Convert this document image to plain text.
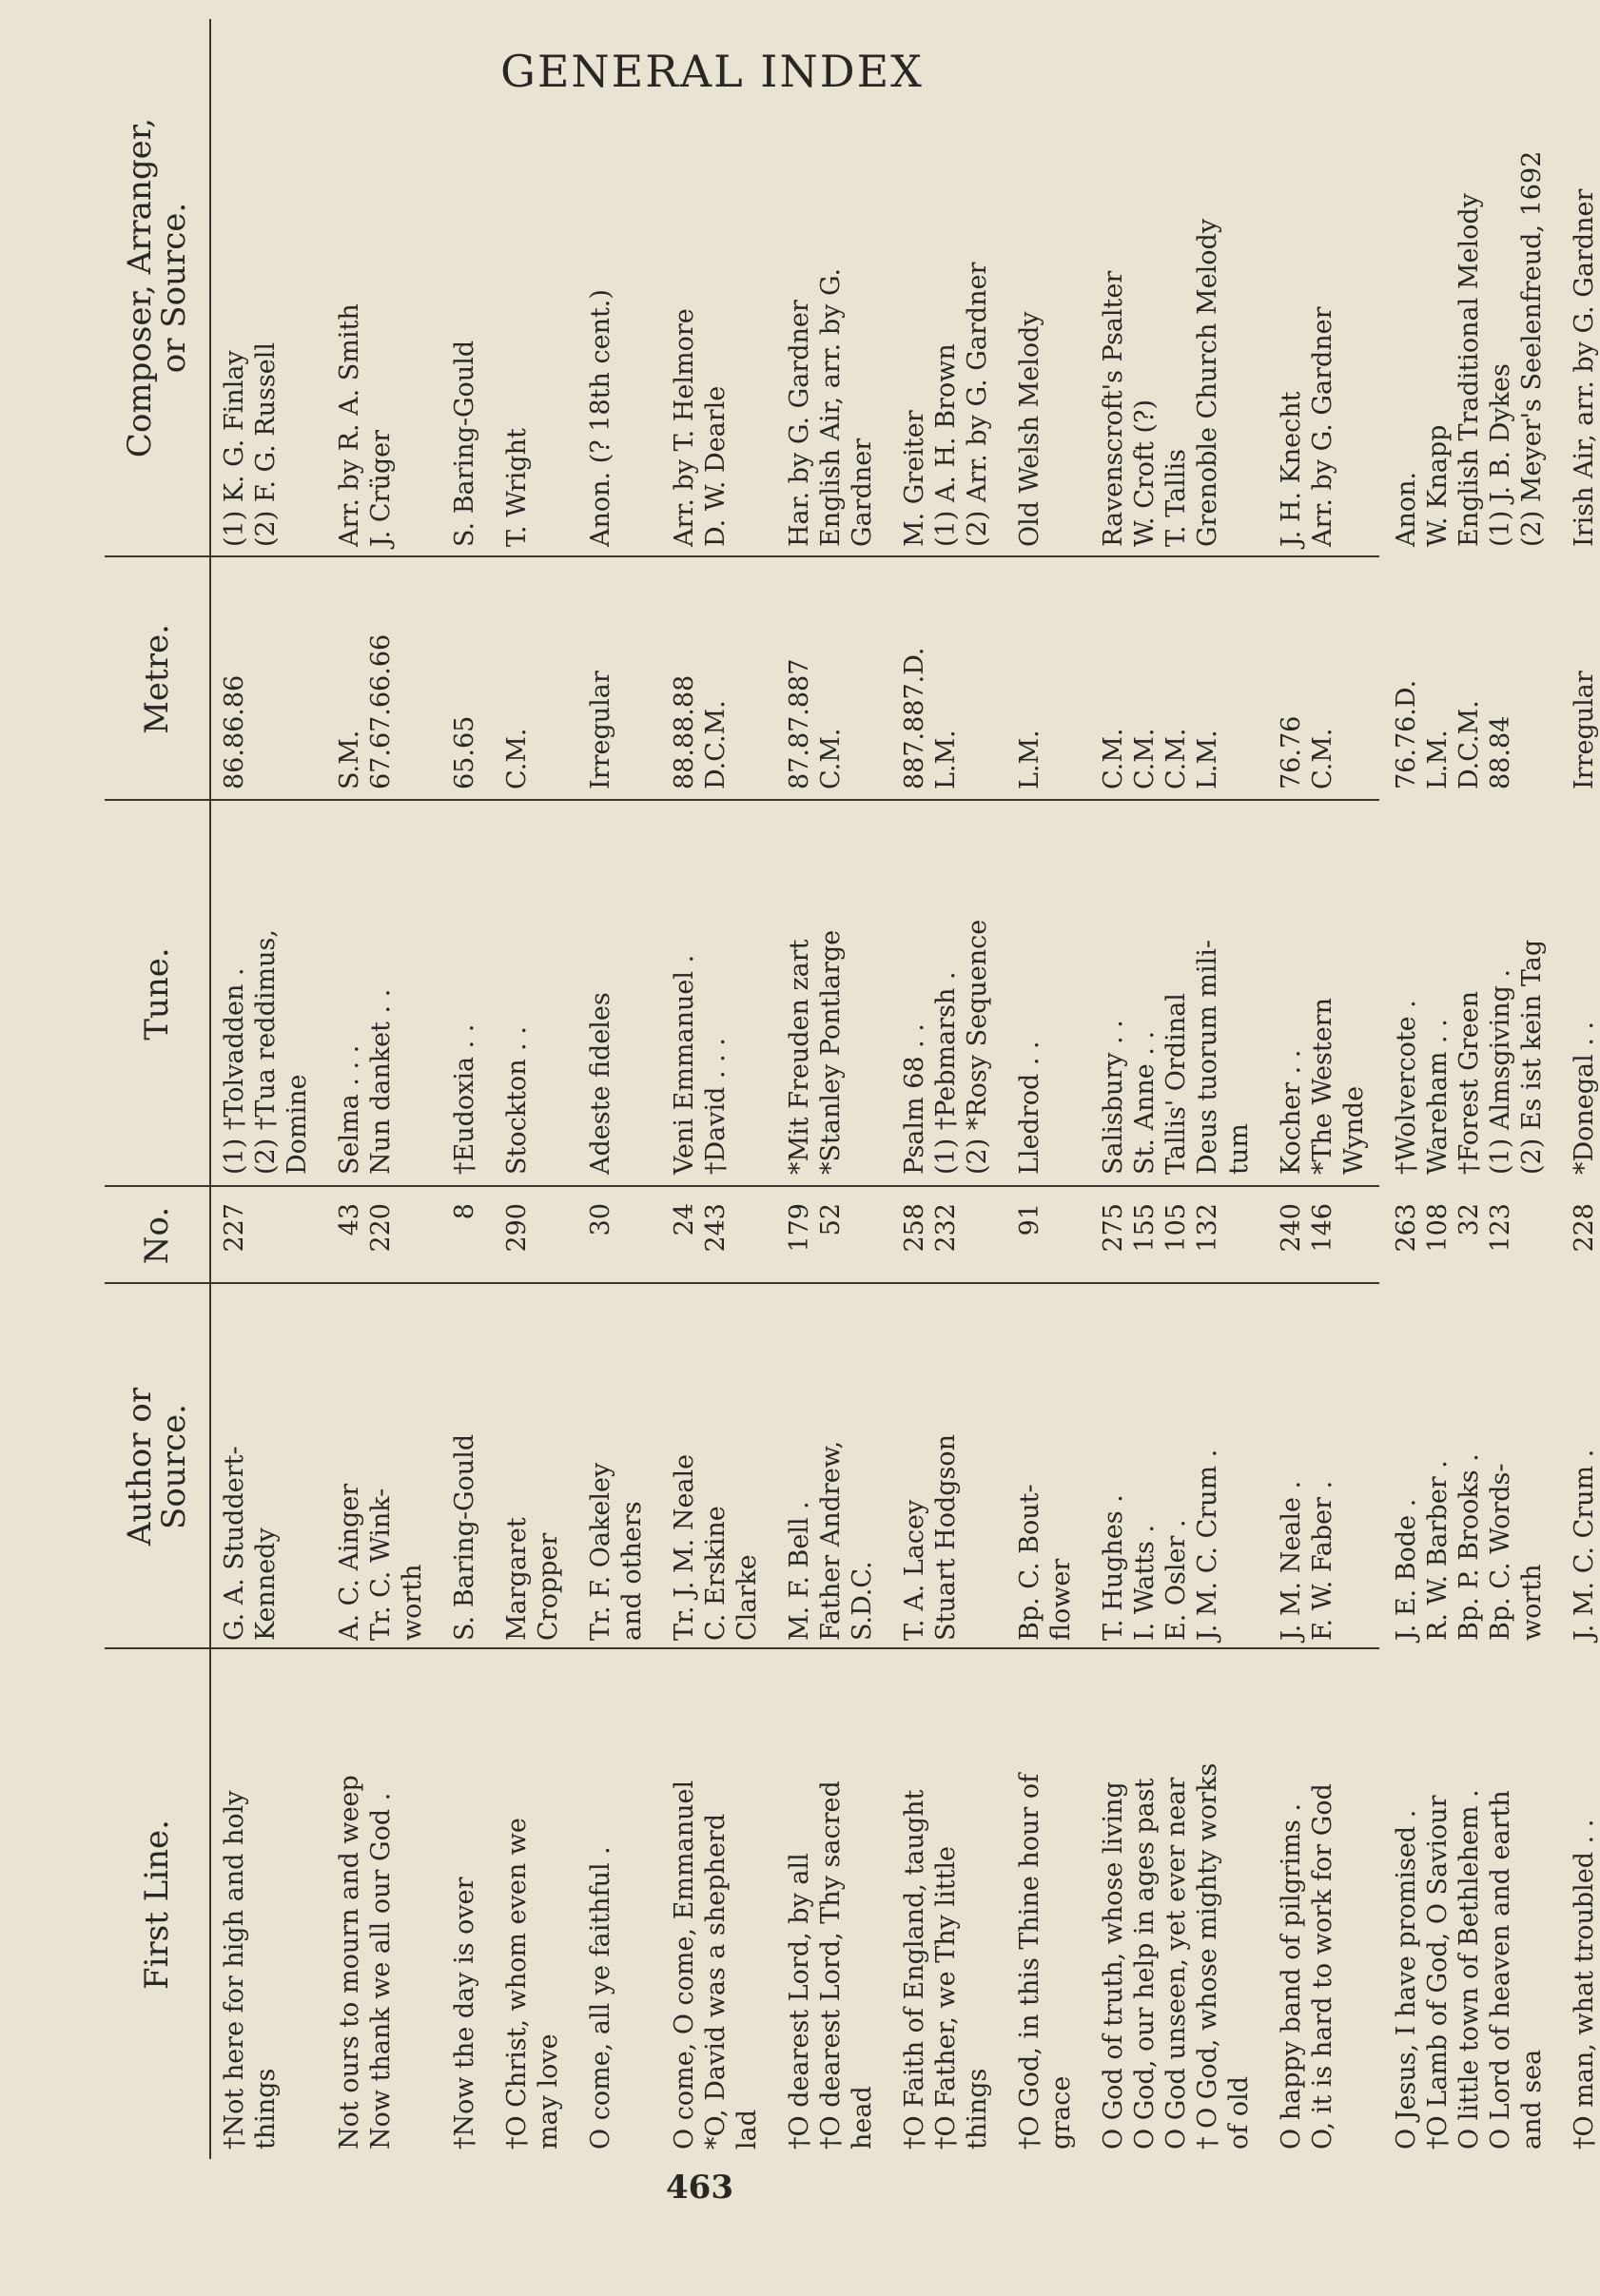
GENERAL INDEX
First Line.
Author or
Source.
No.
Tune.
Metre.
Composer, Arranger,
or Source.
†Not here for high and holy things
G. A. Studdert- Kennedy
227
(1) †Tolvadden . (2) †Tua reddimus, Domine
86.86.86
(1) K. G. Finlay (2) F. G. Russell
Not ours to mourn and weep Now thank we all our God .
A. C. Ainger Tr. C. Wink- worth
43 220
Selma . . . Nun danket . .
S.M. 67.67.66.66
Arr. by R. A. Smith J. Crüger
†Now the day is over
S. Baring-Gould
8
†Eudoxia . .
65.65
S. Baring-Gould
†O Christ, whom even we may love
Margaret Cropper
290
Stockton . .
C.M.
T. Wright
O come, all ye faithful .
Tr. F. Oakeley and others
30
Adeste fideles
Irregular
Anon. (? 18th cent.)
O come, O come, Emmanuel *O, David was a shepherd lad
Tr. J. M. Neale C. Erskine Clarke
24 243
Veni Emmanuel . †David . . .
88.88.88 D.C.M.
Arr. by T. Helmore D. W. Dearle
†O dearest Lord, by all †O dearest Lord, Thy sacred head
M. F. Bell . Father Andrew, S.D.C.
179 52
*Mit Freuden zart *Stanley Pontlarge
87.87.887 C.M.
Har. by G. Gardner English Air, arr. by G. Gardner
†O Faith of England, taught †O Father, we Thy little things
T. A. Lacey Stuart Hodgson
258 232
Psalm 68 . . (1) †Pebmarsh . (2) *Rosy Sequence
887.887.D. L.M.
M. Greiter (1) A. H. Brown (2) Arr. by G. Gardner
†O God, in this Thine hour of grace
Bp. C. Bout- flower
91
Lledrod . .
L.M.
Old Welsh Melody
O God of truth, whose living O God, our help in ages past O God unseen, yet ever near † O God, whose mighty works of old
T. Hughes . I. Watts . E. Osler . J. M. C. Crum .
275 155 105 132
Salisbury . . St. Anne . . Tallis' Ordinal Deus tuorum mili- tum
C.M. C.M. C.M. L.M.
Ravenscroft's Psalter W. Croft (?) T. Tallis Grenoble Church Melody
O happy band of pilgrims . O, it is hard to work for God
J. M. Neale . F. W. Faber .
240 146
Kocher . . *The Western Wynde
76.76 C.M.
J. H. Knecht Arr. by G. Gardner
O Jesus, I have promised . †O Lamb of God, O Saviour O little town of Bethlehem . O Lord of heaven and earth and sea
J. E. Bode . R. W. Barber . Bp. P. Brooks . Bp. C. Words- worth
263 108 32 123
†Wolvercote . Wareham . . †Forest Green (1) Almsgiving . (2) Es ist kein Tag
76.76.D. L.M. D.C.M. 88.84
Anon. W. Knapp English Traditional Melody (1) J. B. Dykes (2) Meyer's Seelenfreud, 1692
†O man, what troubled . .
J. M. C. Crum .
228
*Donegal . .
Irregular
Irish Air, arr. by G. Gardner
463
